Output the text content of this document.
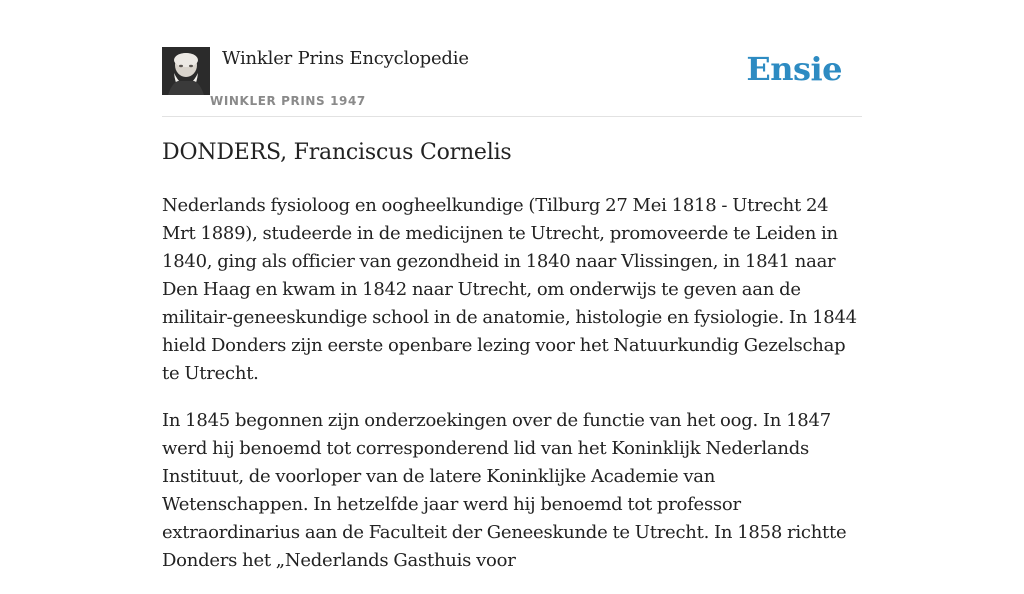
Winkler Prins Encyclopedie
WINKLER PRINS 1947
Ensie
DONDERS, Franciscus Cornelis

Nederlands fysioloog en oogheelkundige (Tilburg 27 Mei 1818 - Utrecht 24 Mrt 1889), studeerde in de medicijnen te Utrecht, promoveerde te Leiden in 1840, ging als officier van gezondheid in 1840 naar Vlissingen, in 1841 naar Den Haag en kwam in 1842 naar Utrecht, om onderwijs te geven aan de militair-geneeskundige school in de anatomie, histologie en fysiologie. In 1844 hield Donders zijn eerste openbare lezing voor het Natuurkundig Gezelschap te Utrecht.

In 1845 begonnen zijn onderzoekingen over de functie van het oog. In 1847 werd hij benoemd tot corresponderend lid van het Koninklijk Nederlands Instituut, de voorloper van de latere Koninklijke Academie van Wetenschappen. In hetzelfde jaar werd hij benoemd tot professor extraordinarius aan de Faculteit der Geneeskunde te Utrecht. In 1858 richtte Donders het „Nederlands Gasthuis voor
